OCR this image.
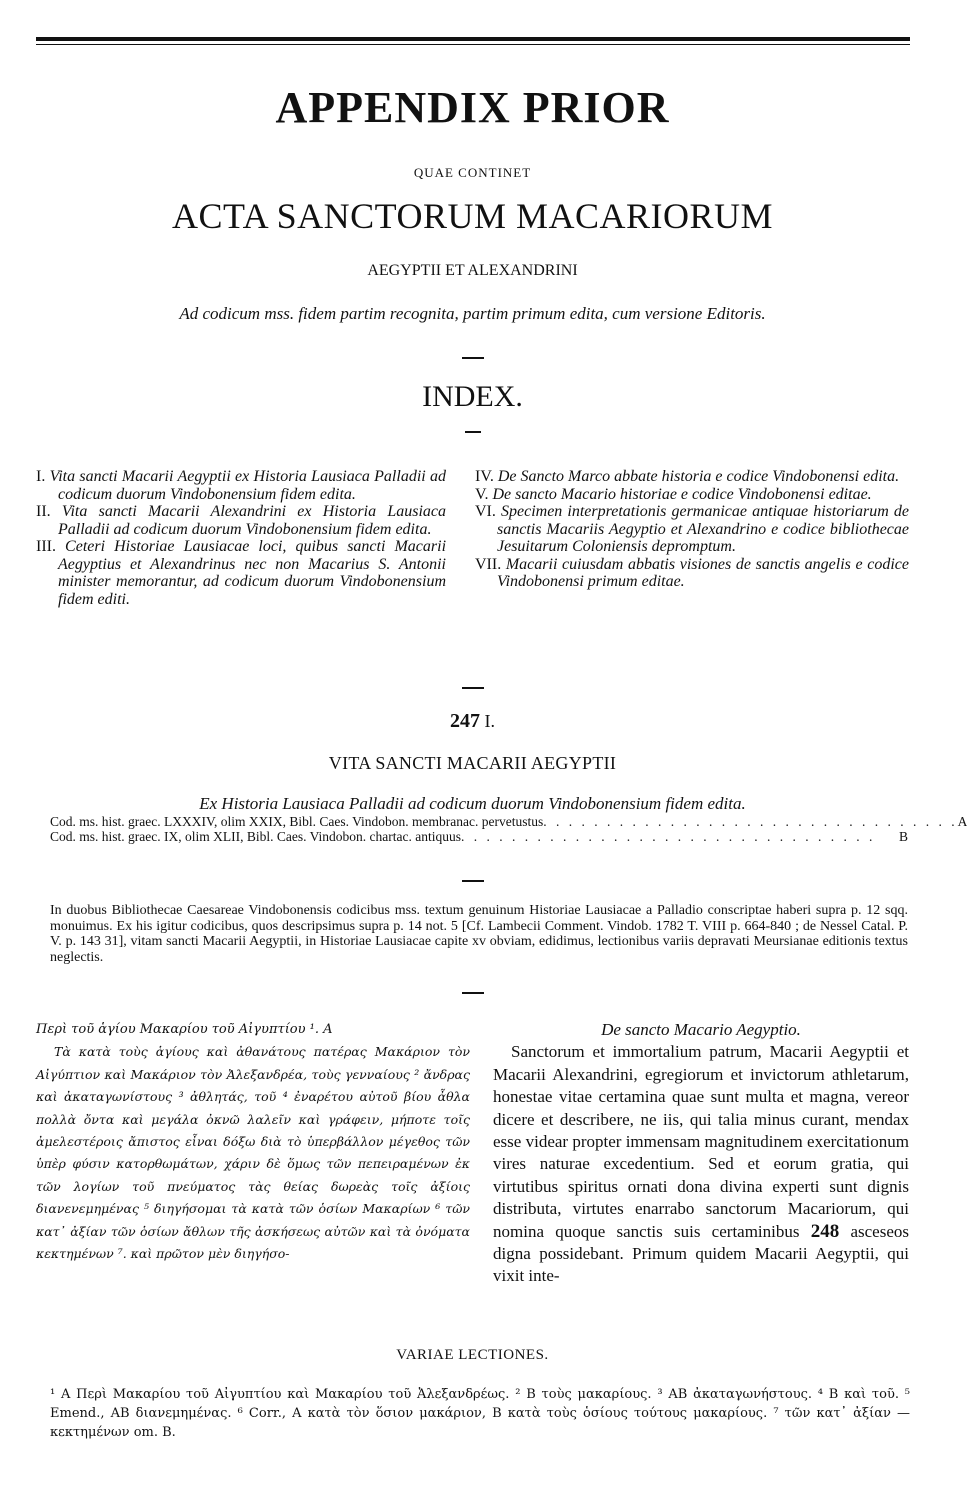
APPENDIX PRIOR
QUAE CONTINET
ACTA SANCTORUM MACARIORUM
AEGYPTII ET ALEXANDRINI
Ad codicum mss. fidem partim recognita, partim primum edita, cum versione Editoris.
INDEX.

I. Vita sancti Macarii Aegyptii ex Historia Lausiaca Palladii ad codicum duorum Vindobonensium fidem edita.

II. Vita sancti Macarii Alexandrini ex Historia Lausiaca Palladii ad codicum duorum Vindobonensium fidem edita.

III. Ceteri Historiae Lausiacae loci, quibus sancti Macarii Aegyptius et Alexandrinus nec non Macarius S. Antonii minister memorantur, ad codicum duorum Vindobonensium fidem editi.

IV. De Sancto Marco abbate historia e codice Vindobonensi edita.

V. De sancto Macario historiae e codice Vindobonensi editae.

VI. Specimen interpretationis germanicae antiquae historiarum de sanctis Macariis Aegyptio et Alexandrino e codice bibliothecae Jesuitarum Coloniensis depromptum.

VII. Macarii cuiusdam abbatis visiones de sanctis angelis e codice Vindobonensi primum editae.

247 I.
VITA SANCTI MACARII AEGYPTII
Ex Historia Lausiaca Palladii ad codicum duorum Vindobonensium fidem edita.
Cod. ms. hist. graec. LXXXIV, olim XXIX, Bibl. Caes. Vindobon. membranac. pervetustus . . . . . . . . . . . . . . . . . . . . . . . . . . . . . . . . . A
Cod. ms. hist. graec. IX, olim XLII, Bibl. Caes. Vindobon. chartac. antiquus . . . . . . . . . . . . . . . . . . . . . . . . . . . . . . . . .	B
In duobus Bibliothecae Caesareae Vindobonensis codicibus mss. textum genuinum Historiae Lausiacae a Palladio conscriptae haberi supra p. 12 sqq. monuimus. Ex his igitur codicibus, quos descripsimus supra p. 14 not. 5 [Cf. Lambecii Comment. Vindob. 1782 T. VIII p. 664-840 ; de Nessel Catal. P. V. p. 143 31], vitam sancti Macarii Aegyptii, in Historiae Lausiacae capite xv obviam, edidimus, lectionibus variis depravati Meursianae editionis textus neglectis.

Περὶ τοῦ ἁγίου Μακαρίου τοῦ Αἰγυπτίου ¹. A

Τὰ κατὰ τοὺς ἁγίους καὶ ἀθανάτους πατέρας Μακάριον τὸν Αἰγύπτιον καὶ Μακάριον τὸν Ἀλεξανδρέα, τοὺς γενναίους ² ἄνδρας καὶ ἀκαταγωνίστους ³ ἀθλητάς, τοῦ ⁴ ἐναρέτου αὐτοῦ βίου ἆθλα πολλὰ ὄντα καὶ μεγάλα ὀκνῶ λαλεῖν καὶ γράφειν, μήποτε τοῖς ἀμελεστέροις ἄπιστος εἶναι δόξω διὰ τὸ ὑπερβάλλον μέγεθος τῶν ὑπὲρ φύσιν κατορθωμάτων, χάριν δὲ ὅμως τῶν πεπειραμένων ἐκ τῶν λογίων τοῦ πνεύματος τὰς θείας δωρεὰς τοῖς ἀξίοις διανενεμημένας ⁵ διηγήσομαι τὰ κατὰ τῶν ὁσίων Μακαρίων ⁶ τῶν κατ᾽ ἀξίαν τῶν ὁσίων ἄθλων τῆς ἀσκήσεως αὐτῶν καὶ τὰ ὀνόματα κεκτημένων ⁷. καὶ πρῶτον μὲν διηγήσο-

De sancto Macario Aegyptio.

Sanctorum et immortalium patrum, Macarii Aegyptii et Macarii Alexandrini, egregiorum et invictorum athletarum, honestae vitae certamina quae sunt multa et magna, vereor dicere et describere, ne iis, qui talia minus curant, mendax esse videar propter immensam magnitudinem exercitationum vires naturae excedentium. Sed et eorum gratia, qui virtutibus spiritus ornati dona divina experti sunt dignis distributa, virtutes enarrabo sanctorum Macariorum, qui nomina quoque sanctis suis certaminibus 248 asceseos digna possidebant. Primum quidem Macarii Aegyptii, qui vixit inte-

VARIAE LECTIONES.
¹ A Περὶ Μακαρίου τοῦ Αἰγυπτίου καὶ Μακαρίου τοῦ Ἀλεξανδρέως. ² B τοὺς μακαρίους. ³ AB ἀκαταγωνήστους. ⁴ B καὶ τοῦ. ⁵ Emend., AB διανεμημένας. ⁶ Corr., A κατὰ τὸν ὅσιον μακάριον, B κατὰ τοὺς ὁσίους τούτους μακαρίους. ⁷ τῶν κατ᾽ ἀξίαν — κεκτημένων om. B.
